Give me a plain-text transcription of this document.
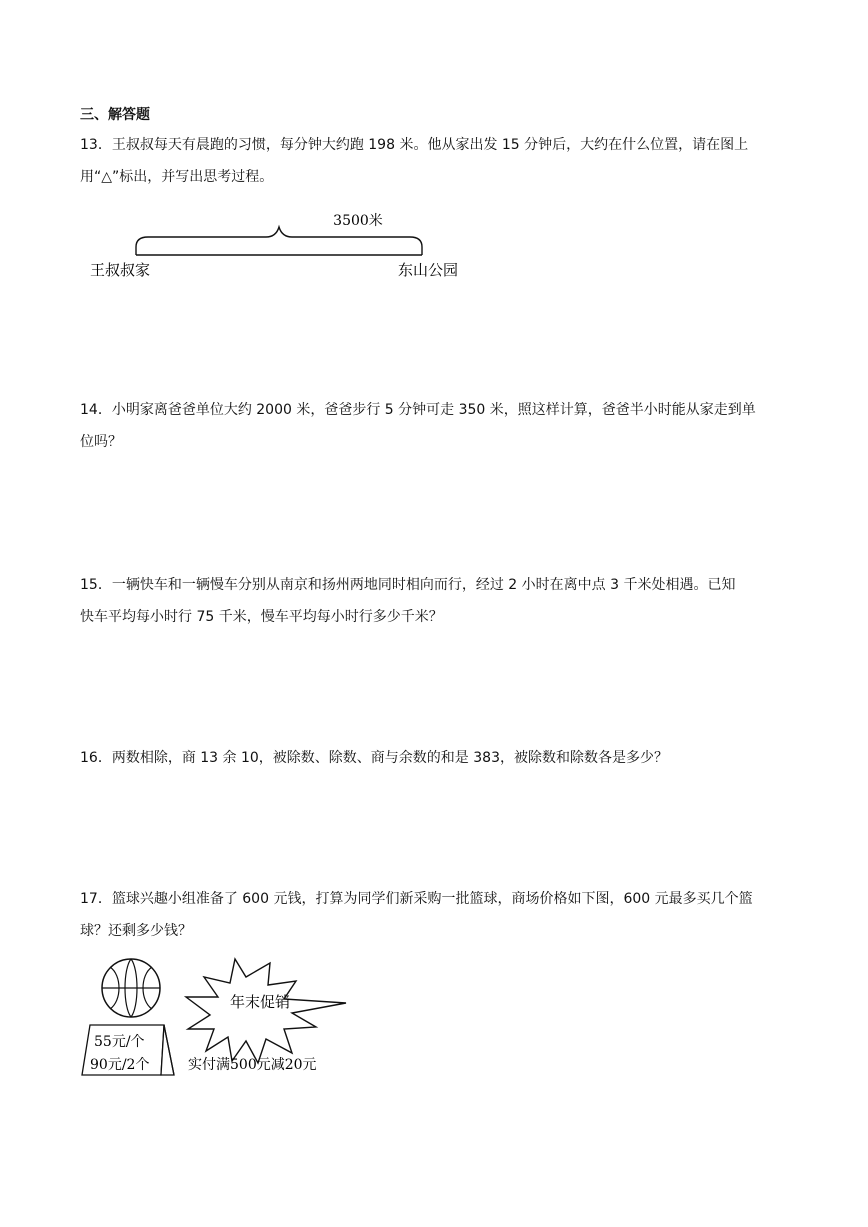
三、解答题

13．王叔叔每天有晨跑的习惯，每分钟大约跑 198 米。他从家出发 15 分钟后，大约在什么位置，请在图上

用“△”标出，并写出思考过程。

3500米
王叔叔家	东山公园

14．小明家离爸爸单位大约 2000 米，爸爸步行 5 分钟可走 350 米，照这样计算，爸爸半小时能从家走到单

位吗？

15．一辆快车和一辆慢车分别从南京和扬州两地同时相向而行，经过 2 小时在离中点 3 千米处相遇。已知

快车平均每小时行 75 千米，慢车平均每小时行多少千米？

16．两数相除，商 13 余 10，被除数、除数、商与余数的和是 383，被除数和除数各是多少？

17．篮球兴趣小组准备了 600 元钱，打算为同学们新采购一批篮球，商场价格如下图，600 元最多买几个篮

球？还剩多少钱？

55元/个
90元/2个
年末促销
实付满500元减20元
